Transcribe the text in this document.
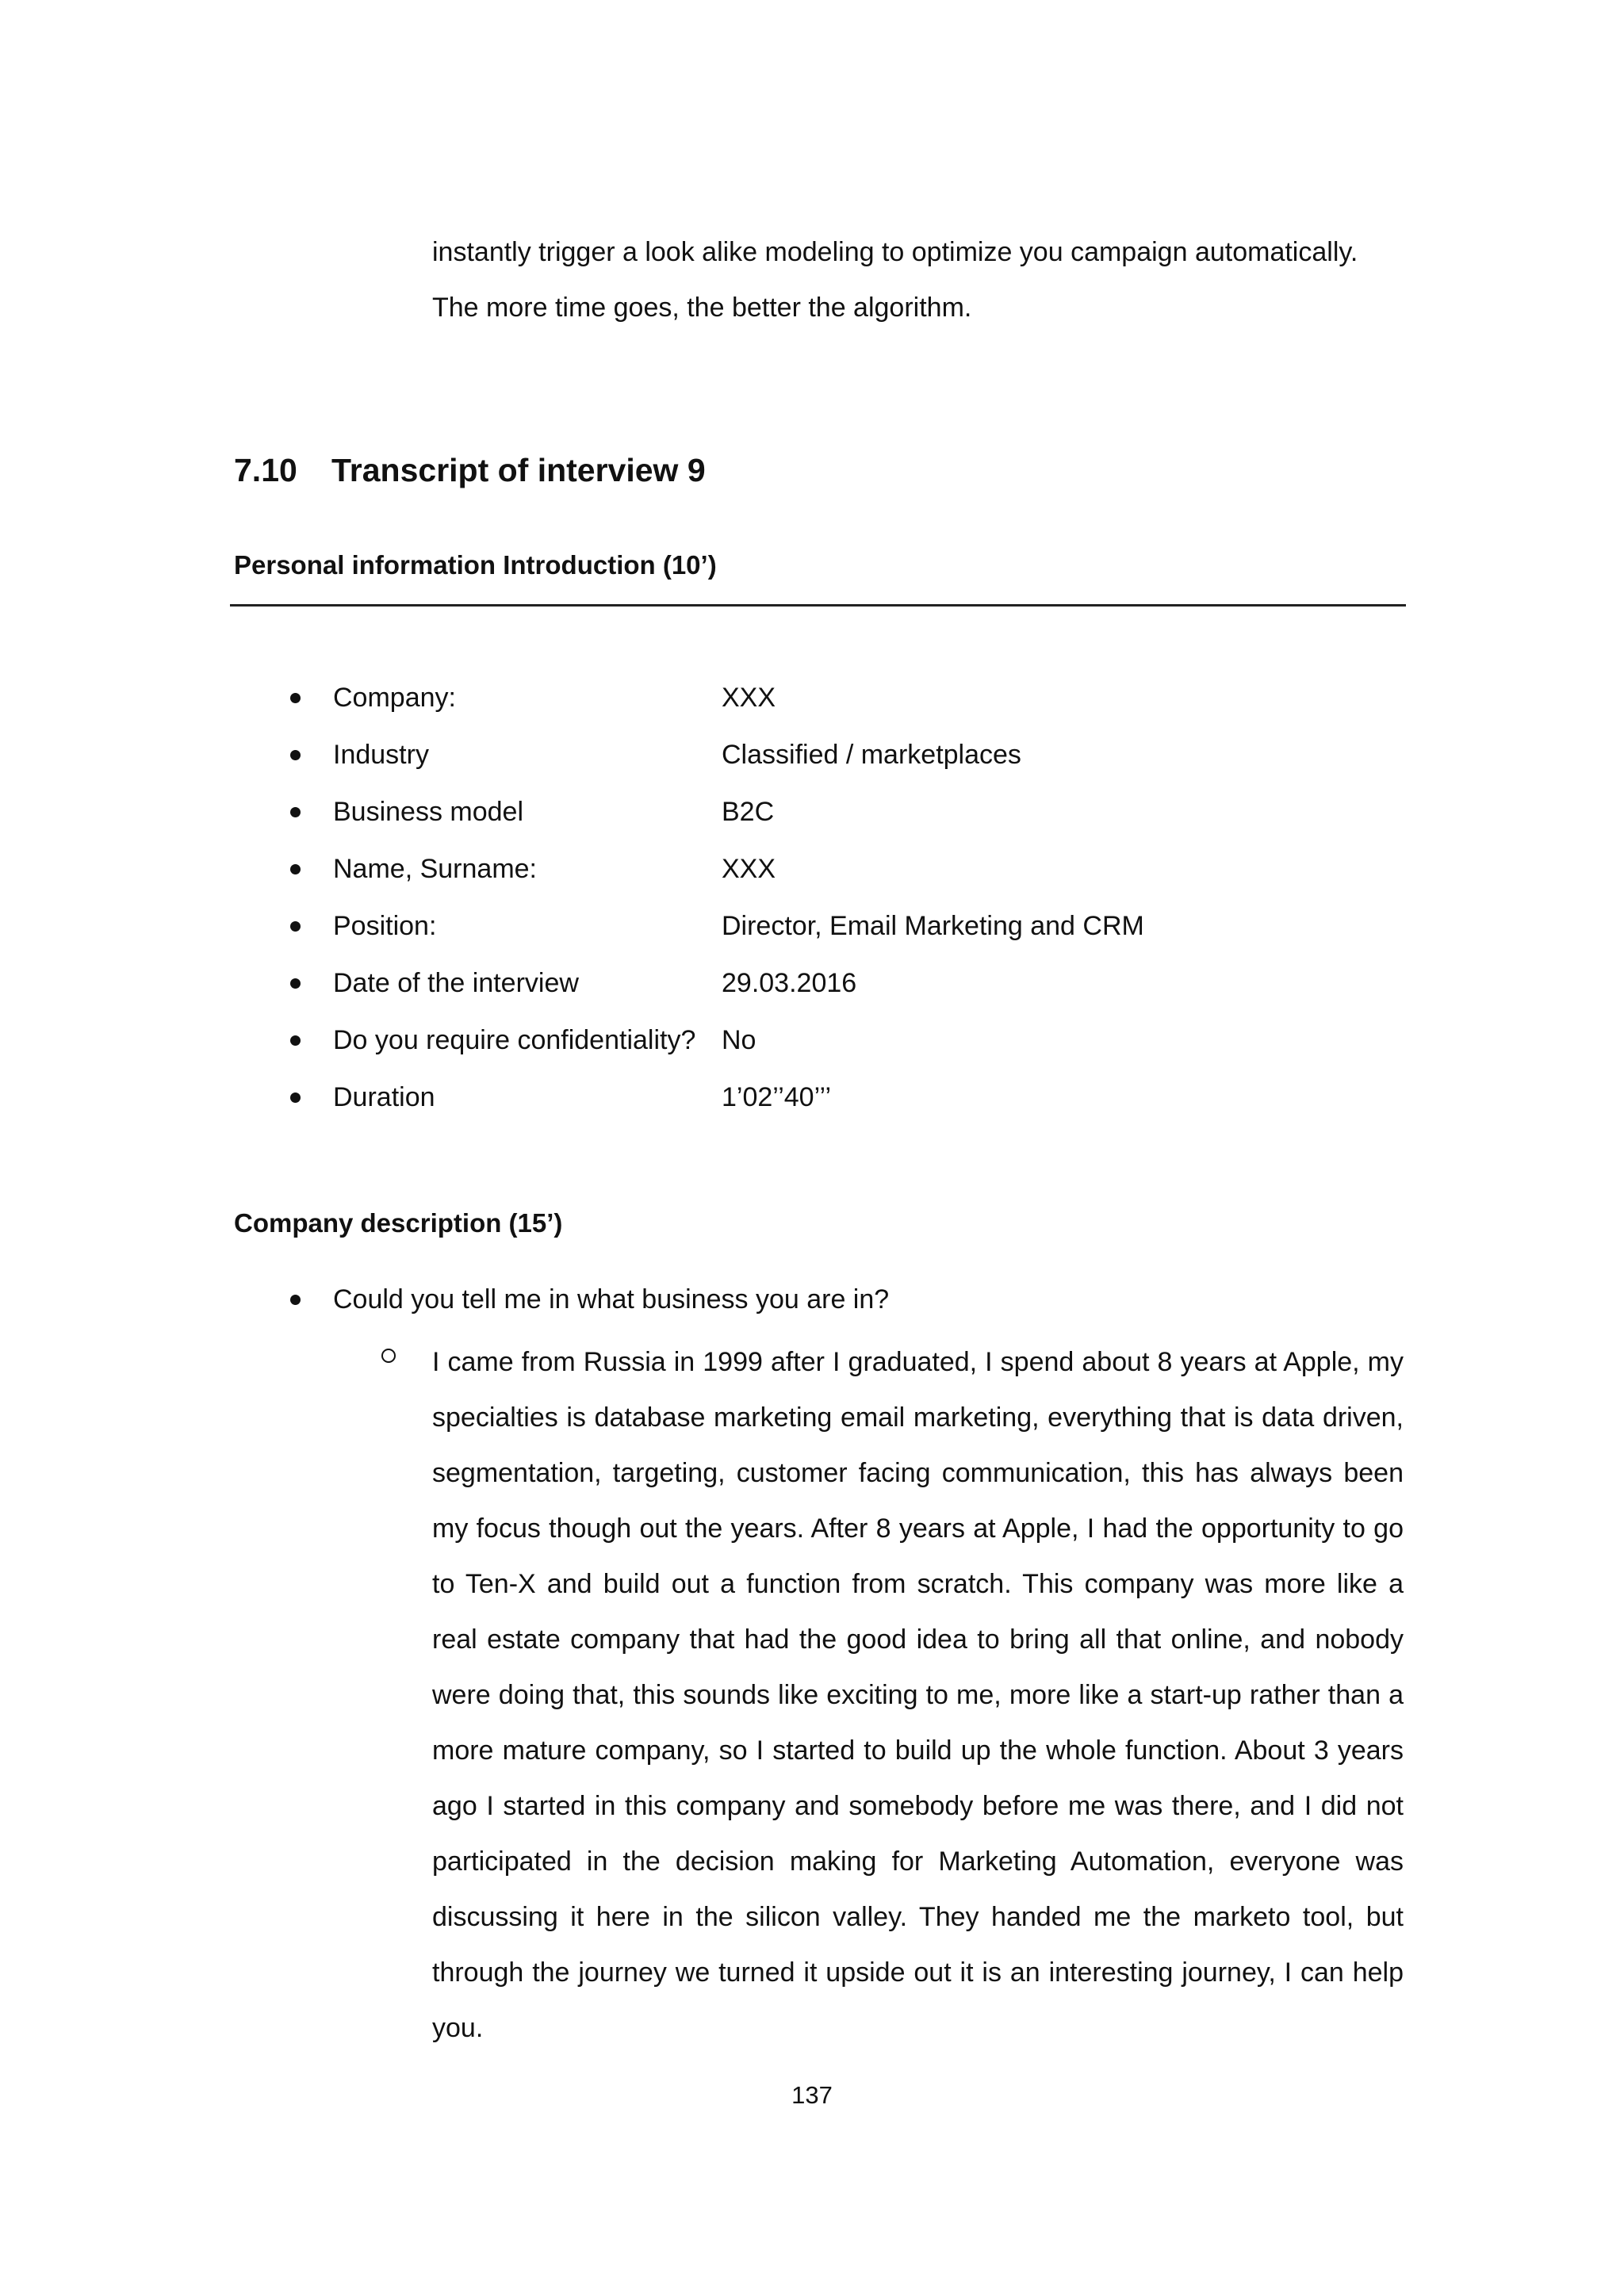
instantly trigger a look alike modeling to optimize you campaign automatically.
The more time goes, the better the algorithm.
7.10 Transcript of interview 9
Personal information Introduction (10’)
Company:	XXX
Industry	Classified / marketplaces
Business model	B2C
Name, Surname:	XXX
Position:	Director, Email Marketing and CRM
Date of the interview	29.03.2016
Do you require confidentiality? No
Duration	1’02’’40’’’
Company description (15’)
Could you tell me in what business you are in?
I came from Russia in 1999 after I graduated, I spend about 8 years at Apple, my specialties is database marketing email marketing, everything that is data driven, segmentation, targeting, customer facing communication, this has always been my focus though out the years. After 8 years at Apple, I had the opportunity to go to Ten-X and build out a function from scratch. This company was more like a real estate company that had the good idea to bring all that online, and nobody were doing that, this sounds like exciting to me, more like a start-up rather than a more mature company, so I started to build up the whole function. About 3 years ago I started in this company and somebody before me was there, and I did not participated in the decision making for Marketing Automation, everyone was discussing it here in the silicon valley. They handed me the marketo tool, but through the journey we turned it upside out it is an interesting journey, I can help you.
137
